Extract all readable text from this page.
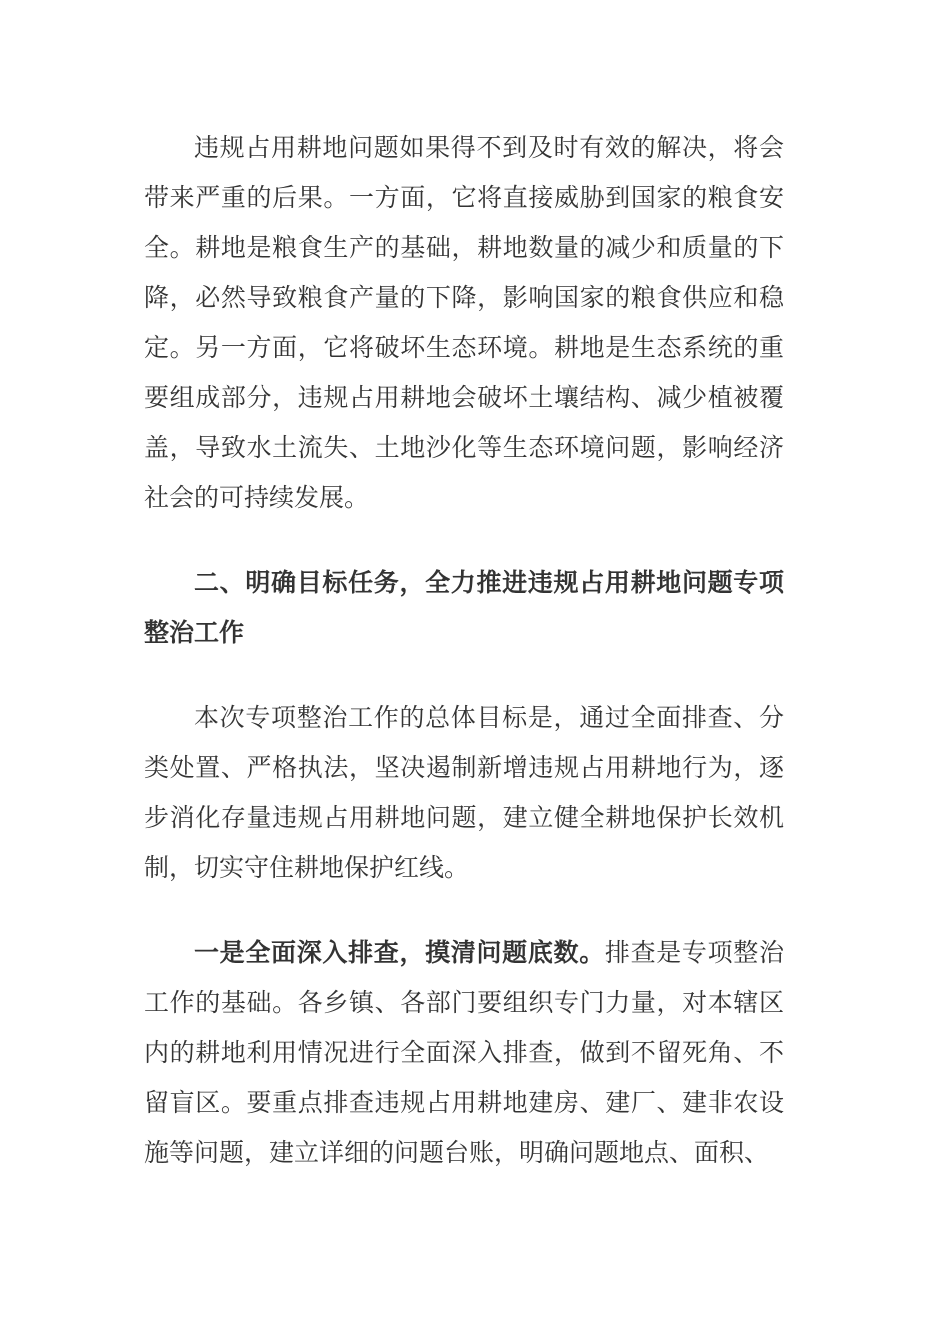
违规占用耕地问题如果得不到及时有效的解决，将会带来严重的后果。一方面，它将直接威胁到国家的粮食安全。耕地是粮食生产的基础，耕地数量的减少和质量的下降，必然导致粮食产量的下降，影响国家的粮食供应和稳定。另一方面，它将破坏生态环境。耕地是生态系统的重要组成部分，违规占用耕地会破坏土壤结构、减少植被覆盖，导致水土流失、土地沙化等生态环境问题，影响经济社会的可持续发展。

二、明确目标任务，全力推进违规占用耕地问题专项整治工作

本次专项整治工作的总体目标是，通过全面排查、分类处置、严格执法，坚决遏制新增违规占用耕地行为，逐步消化存量违规占用耕地问题，建立健全耕地保护长效机制，切实守住耕地保护红线。

一是全面深入排查，摸清问题底数。排查是专项整治工作的基础。各乡镇、各部门要组织专门力量，对本辖区内的耕地利用情况进行全面深入排查，做到不留死角、不留盲区。要重点排查违规占用耕地建房、建厂、建非农设施等问题，建立详细的问题台账，明确问题地点、面积、
